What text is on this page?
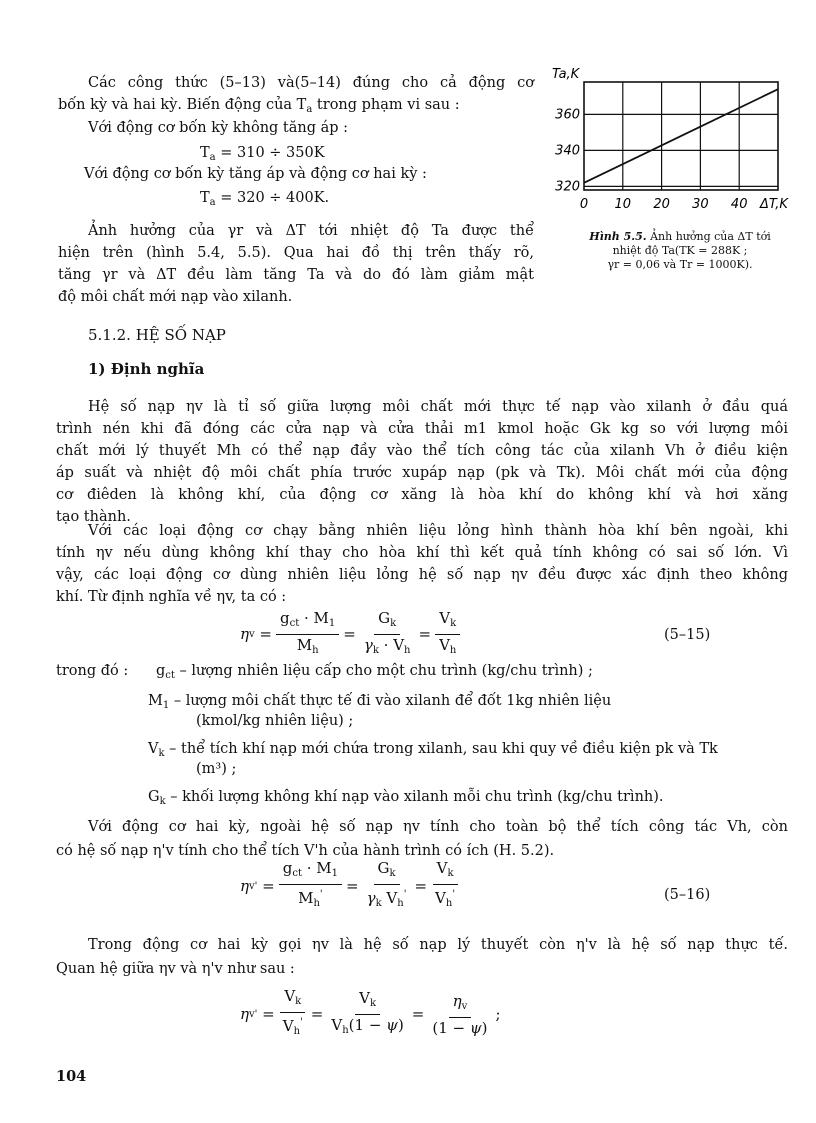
Các công thức (5–13) và(5–14) đúng cho cả động cơ
bốn kỳ và hai kỳ. Biến động của $T_a$ trong phạm vi sau :
Với động cơ bốn kỳ không tăng áp :
$T_a = 310 \div 350K$
Với động cơ bốn kỳ tăng áp và động cơ hai kỳ :
$T_a = 320 \div 400K$.
Ảnh hưởng của γr và ΔT tới nhiệt độ Ta được thể
hiện trên (hình 5.4, 5.5). Qua hai đồ thị trên thấy rõ,
tăng γr và ΔT đều làm tăng Ta và do đó làm giảm mật
độ môi chất mới nạp vào xilanh.
0 10 20 30 40
320
340
360
Ta,K
ΔT,K
Hình 5.5. Ảnh hưởng của ΔT tới
nhiệt độ Ta(TK = 288K ;
γr = 0,06 và Tr = 1000K).
5.1.2. HỆ SỐ NẠP
1) Định nghĩa
Hệ số nạp ηv là tỉ số giữa lượng môi chất mới thực tế nạp vào xilanh ở đầu quá
trình nén khi đã đóng các cửa nạp và cửa thải m1 kmol hoặc Gk kg so với lượng môi
chất mới lý thuyết Mh có thể nạp đầy vào thể tích công tác của xilanh Vh ở điều kiện
áp suất và nhiệt độ môi chất phía trước xupáp nạp (pk và Tk). Môi chất mới của động
cơ điêden là không khí, của động cơ xăng là hòa khí do không khí và hơi xăng
tạo thành.
Với các loại động cơ chạy bằng nhiên liệu lỏng hình thành hòa khí bên ngoài, khi
tính ηv nếu dùng không khí thay cho hòa khí thì kết quả tính không có sai số lớn. Vì
vậy, các loại động cơ dùng nhiên liệu lỏng hệ số nạp ηv đều được xác định theo không
khí. Từ định nghĩa về ηv, ta có :
η $v = \frac{g_{ct} \cdot M_1}{M_h} = \frac{G_k}{\gamma_k \cdot V_h} = \frac{V_k}{V_h}$	(5–15)
trong đó : $g_{ct}$ – lượng nhiên liệu cấp cho một chu trình (kg/chu trình) ;
$M_1$ – lượng môi chất thực tế đi vào xilanh để đốt 1kg nhiên liệu
(kmol/kg nhiên liệu) ;
$V_k$ – thể tích khí nạp mới chứa trong xilanh, sau khi quy về điều kiện pk và Tk
(m³) ;
$G_k$ – khối lượng không khí nạp vào xilanh mỗi chu trình (kg/chu trình).
Với động cơ hai kỳ, ngoài hệ số nạp ηv tính cho toàn bộ thể tích công tác Vh, còn
có hệ số nạp η'v tính cho thể tích V'h của hành trình có ích (H. 5.2).
η v ' = $\frac{g_{ct} \cdot M_1}{M_h'} = \frac{G_k}{\gamma_k V_h'} = \frac{V_k}{V_h'}$	(5–16)
Trong động cơ hai kỳ gọi ηv là hệ số nạp lý thuyết còn η'v là hệ số nạp thực tế.
Quan hệ giữa ηv và η'v như sau :
η v ' = $\frac{V_k}{V_h'} = \frac{V_k}{V_h(1 - \psi)} = \frac{\eta_v}{(1 - \psi)}$ ;
104
